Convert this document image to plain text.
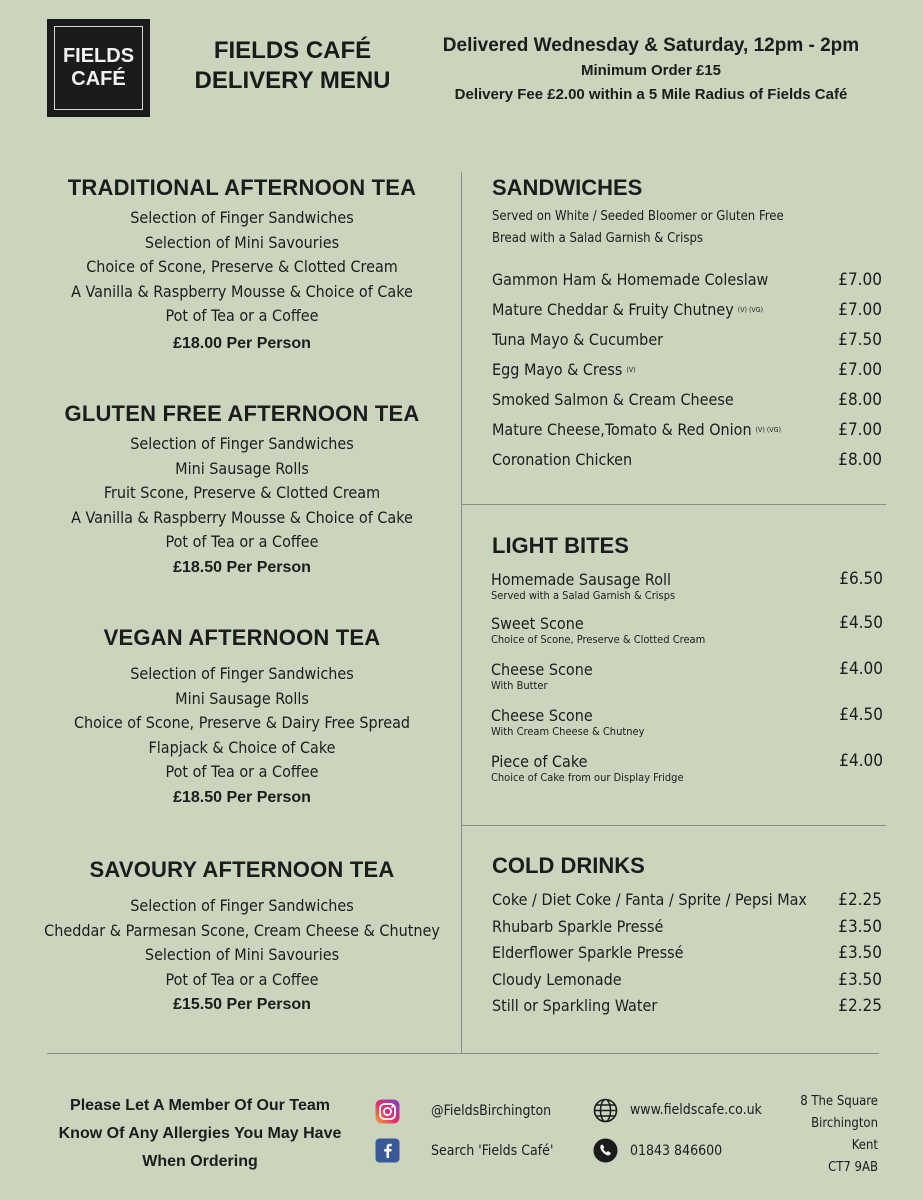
FIELDS
CAFÉ
FIELDS CAFÉ
DELIVERY MENU
Delivered Wednesday & Saturday, 12pm - 2pm
Minimum Order £15
Delivery Fee £2.00 within a 5 Mile Radius of Fields Café
TRADITIONAL AFTERNOON TEA
Selection of Finger Sandwiches
Selection of Mini Savouries
Choice of Scone, Preserve & Clotted Cream
A Vanilla & Raspberry Mousse & Choice of Cake
Pot of Tea or a Coffee
£18.00 Per Person
GLUTEN FREE AFTERNOON TEA
Selection of Finger Sandwiches
Mini Sausage Rolls
Fruit Scone, Preserve & Clotted Cream
A Vanilla & Raspberry Mousse & Choice of Cake
Pot of Tea or a Coffee
£18.50 Per Person
VEGAN AFTERNOON TEA
Selection of Finger Sandwiches
Mini Sausage Rolls
Choice of Scone, Preserve & Dairy Free Spread
Flapjack & Choice of Cake
Pot of Tea or a Coffee
£18.50 Per Person
SAVOURY AFTERNOON TEA
Selection of Finger Sandwiches
Cheddar & Parmesan Scone, Cream Cheese & Chutney
Selection of Mini Savouries
Pot of Tea or a Coffee
£15.50 Per Person
SANDWICHES
Served on White / Seeded Bloomer or Gluten Free
Bread with a Salad Garnish & Crisps
Gammon Ham & Homemade Coleslaw	£7.00
Mature Cheddar & Fruity Chutney (V) (VG)	£7.00
Tuna Mayo & Cucumber	£7.50
Egg Mayo & Cress (V)	£7.00
Smoked Salmon & Cream Cheese	£8.00
Mature Cheese,Tomato & Red Onion (V) (VG)	£7.00
Coronation Chicken	£8.00
LIGHT BITES
Homemade Sausage Roll	£6.50
Served with a Salad Garnish & Crisps
Sweet Scone	£4.50
Choice of Scone, Preserve & Clotted Cream
Cheese Scone	£4.00
With Butter
Cheese Scone	£4.50
With Cream Cheese & Chutney
Piece of Cake	£4.00
Choice of Cake from our Display Fridge
COLD DRINKS
Coke / Diet Coke / Fanta / Sprite / Pepsi Max £2.25
Rhubarb Sparkle Pressé	£3.50
Elderflower Sparkle Pressé	£3.50
Cloudy Lemonade	£3.50
Still or Sparkling Water	£2.25
Please Let A Member Of Our Team
Know Of Any Allergies You May Have
When Ordering
@FieldsBirchington
Search 'Fields Café'
www.fieldscafe.co.uk
01843 846600
8 The Square
Birchington
Kent
CT7 9AB
